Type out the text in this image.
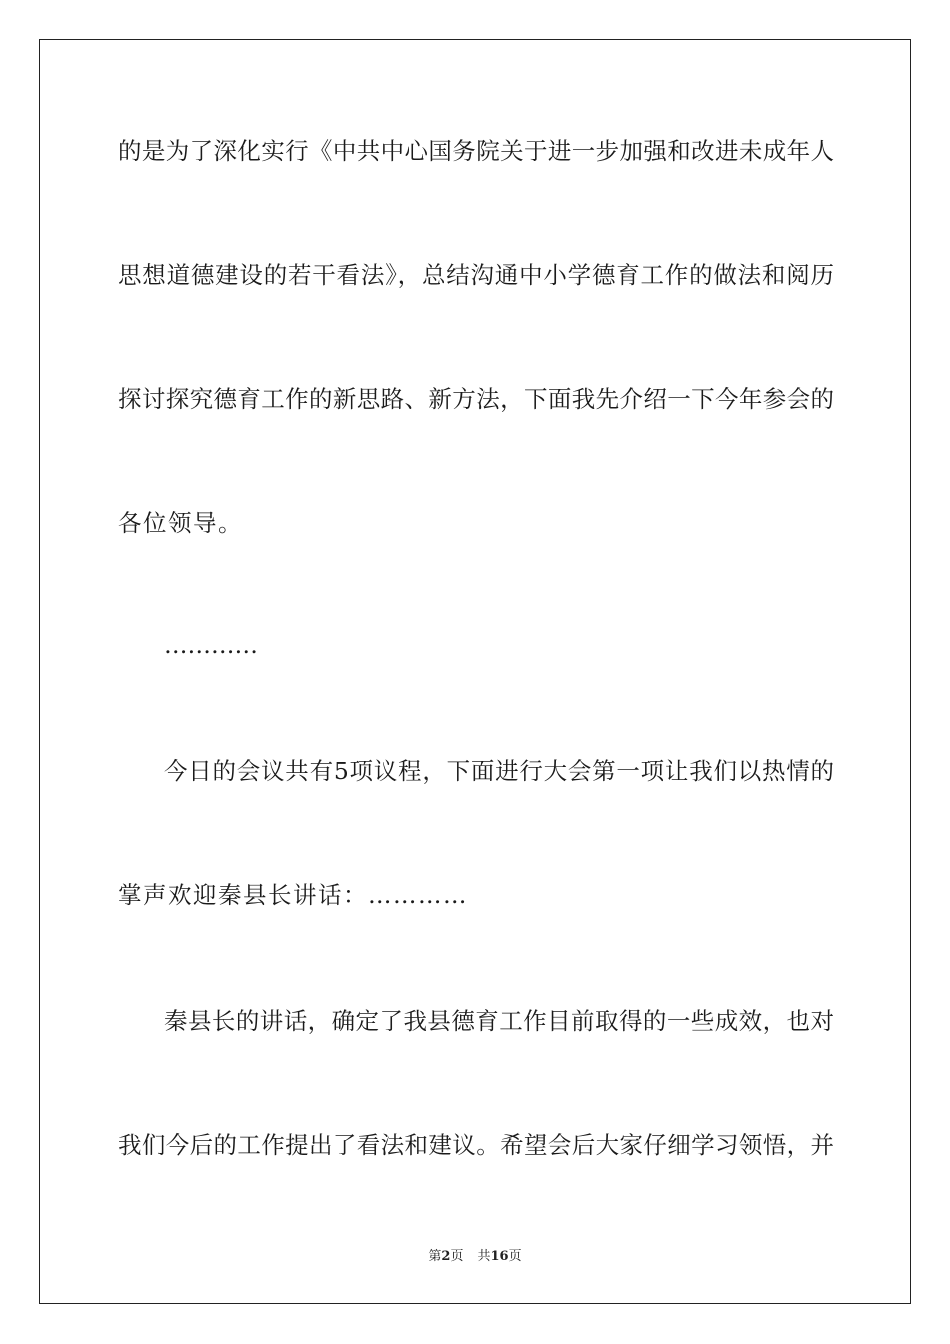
的是为了深化实行《中共中心国务院关于进一步加强和改进未成年人
思想道德建设的若干看法》，总结沟通中小学德育工作的做法和阅历
探讨探究德育工作的新思路、新方法，下面我先介绍一下今年参会的
各位领导。
…………
今日的会议共有5项议程，下面进行大会第一项让我们以热情的
掌声欢迎秦县长讲话：…………
秦县长的讲话，确定了我县德育工作目前取得的一些成效，也对
我们今后的工作提出了看法和建议。希望会后大家仔细学习领悟，并
第2页 共16页
